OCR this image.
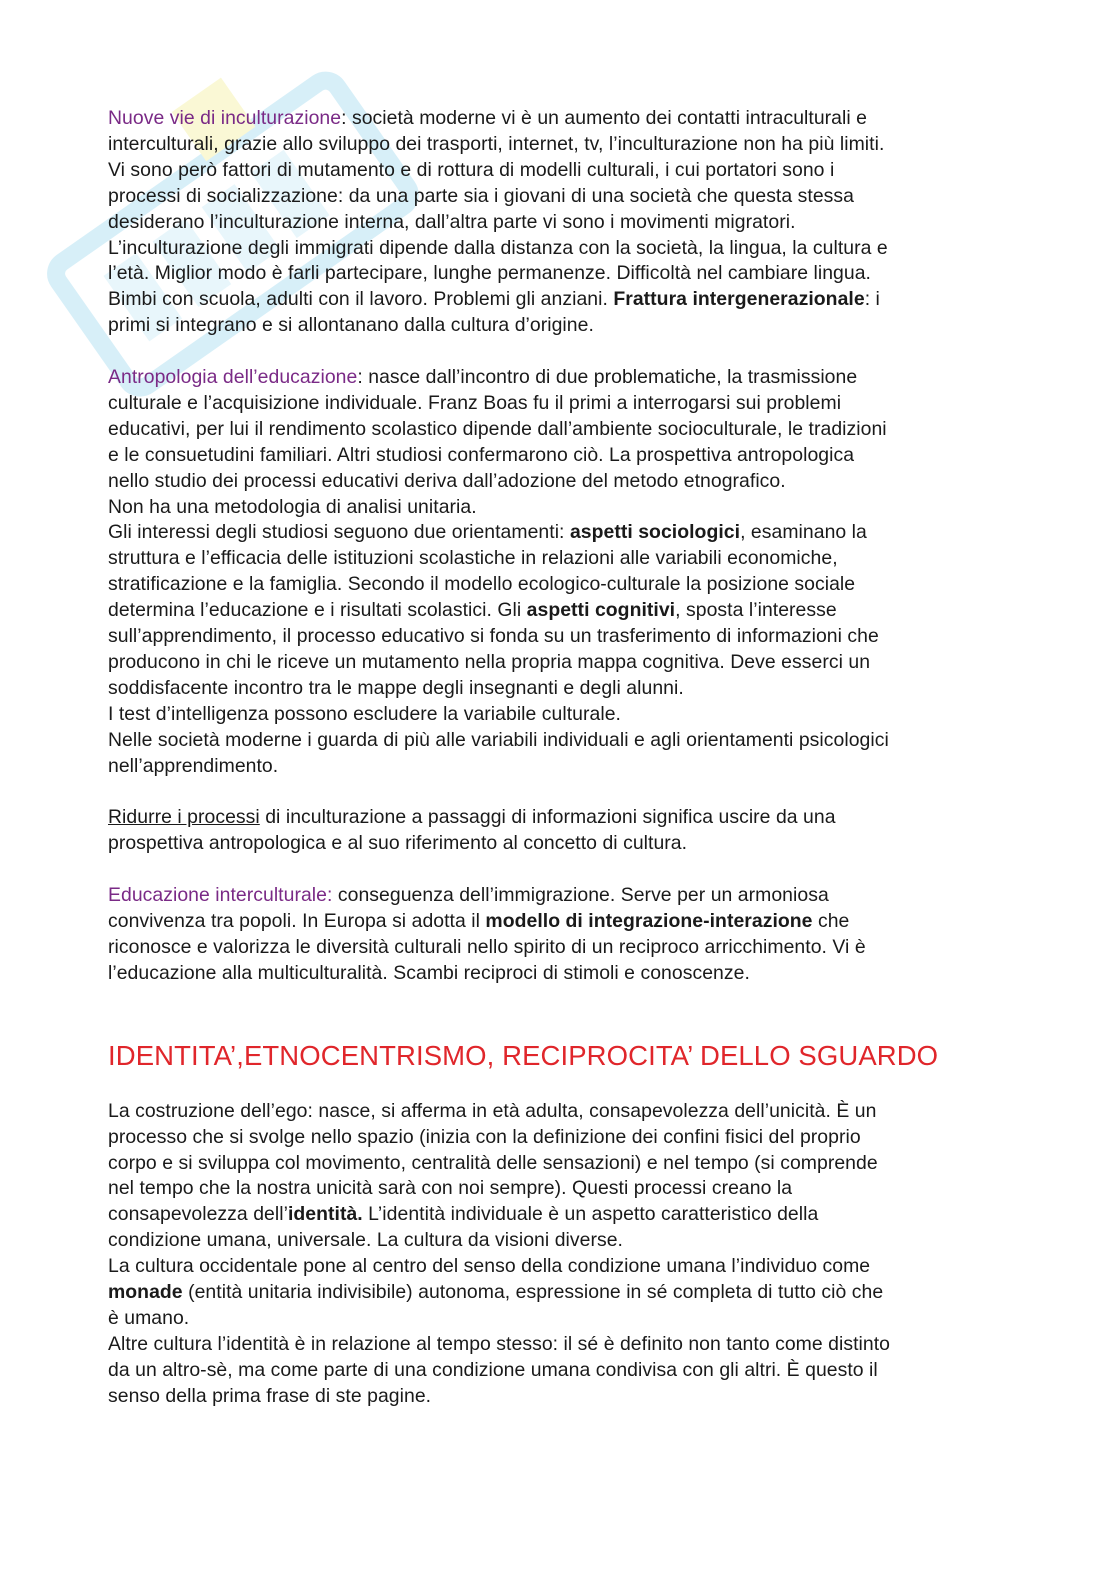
Nuove vie di inculturazione: società moderne vi è un aumento dei contatti intraculturali e

interculturali, grazie allo sviluppo dei trasporti, internet, tv, l’inculturazione non ha più limiti.

Vi sono però fattori di mutamento e di rottura di modelli culturali, i cui portatori sono i

processi di socializzazione: da una parte sia i giovani di una società che questa stessa

desiderano l’inculturazione interna, dall’altra parte vi sono i movimenti migratori.

L’inculturazione degli immigrati dipende dalla distanza con la società, la lingua, la cultura e

l’età. Miglior modo è farli partecipare, lunghe permanenze. Difficoltà nel cambiare lingua.

Bimbi con scuola, adulti con il lavoro. Problemi gli anziani. Frattura intergenerazionale: i

primi si integrano e si allontanano dalla cultura d’origine.

Antropologia dell’educazione: nasce dall’incontro di due problematiche, la trasmissione

culturale e l’acquisizione individuale. Franz Boas fu il primi a interrogarsi sui problemi

educativi, per lui il rendimento scolastico dipende dall’ambiente socioculturale, le tradizioni

e le consuetudini familiari. Altri studiosi confermarono ciò. La prospettiva antropologica

nello studio dei processi educativi deriva dall’adozione del metodo etnografico.

Non ha una metodologia di analisi unitaria.

Gli interessi degli studiosi seguono due orientamenti: aspetti sociologici, esaminano la

struttura e l’efficacia delle istituzioni scolastiche in relazioni alle variabili economiche,

stratificazione e la famiglia. Secondo il modello ecologico-culturale la posizione sociale

determina l’educazione e i risultati scolastici. Gli aspetti cognitivi, sposta l’interesse

sull’apprendimento, il processo educativo si fonda su un trasferimento di informazioni che

producono in chi le riceve un mutamento nella propria mappa cognitiva. Deve esserci un

soddisfacente incontro tra le mappe degli insegnanti e degli alunni.

I test d’intelligenza possono escludere la variabile culturale.

Nelle società moderne i guarda di più alle variabili individuali e agli orientamenti psicologici

nell’apprendimento.

Ridurre i processi di inculturazione a passaggi di informazioni significa uscire da una

prospettiva antropologica e al suo riferimento al concetto di cultura.

Educazione interculturale: conseguenza dell’immigrazione. Serve per un armoniosa

convivenza tra popoli. In Europa si adotta il modello di integrazione-interazione che

riconosce e valorizza le diversità culturali nello spirito di un reciproco arricchimento. Vi è

l’educazione alla multiculturalità. Scambi reciproci di stimoli e conoscenze.

IDENTITA’,ETNOCENTRISMO, RECIPROCITA’ DELLO SGUARDO

La costruzione dell’ego: nasce, si afferma in età adulta, consapevolezza dell’unicità. È un

processo che si svolge nello spazio (inizia con la definizione dei confini fisici del proprio

corpo e si sviluppa col movimento, centralità delle sensazioni) e nel tempo (si comprende

nel tempo che la nostra unicità sarà con noi sempre). Questi processi creano la

consapevolezza dell’identità. L’identità individuale è un aspetto caratteristico della

condizione umana, universale. La cultura da visioni diverse.

La cultura occidentale pone al centro del senso della condizione umana l’individuo come

monade (entità unitaria indivisibile) autonoma, espressione in sé completa di tutto ciò che

è umano.

Altre cultura l’identità è in relazione al tempo stesso: il sé è definito non tanto come distinto

da un altro-sè, ma come parte di una condizione umana condivisa con gli altri. È questo il

senso della prima frase di ste pagine.
